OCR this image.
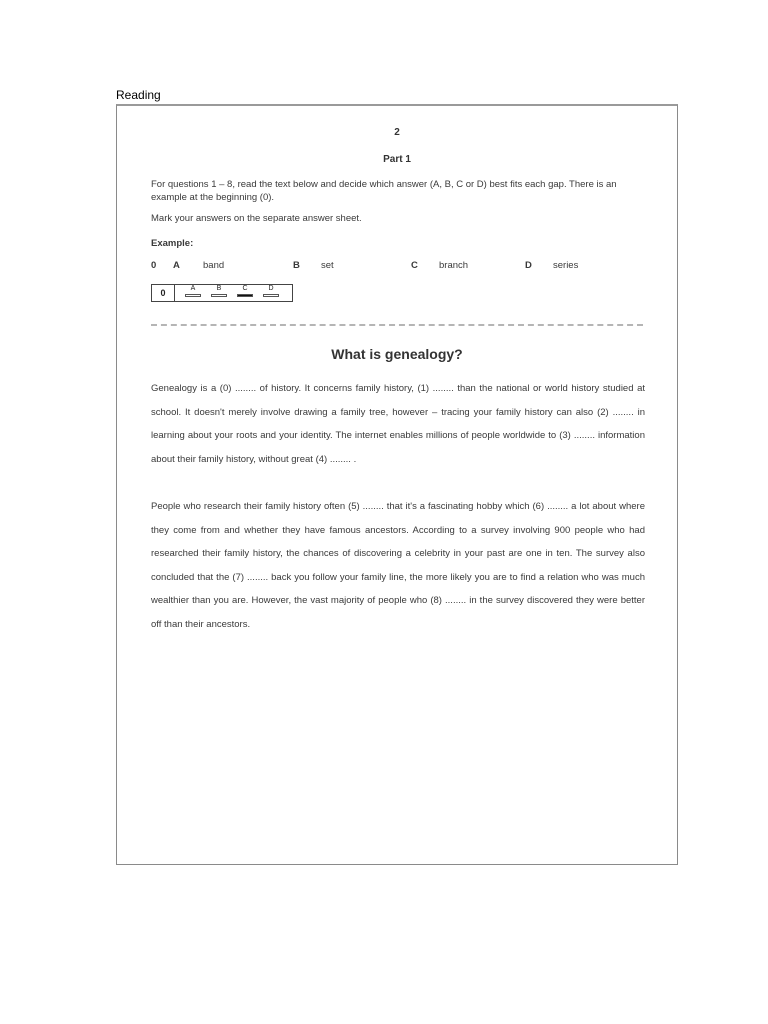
Reading
2
Part 1
For questions 1 – 8, read the text below and decide which answer (A, B, C or D) best fits each gap. There is an example at the beginning (0).
Mark your answers on the separate answer sheet.
Example:
0 A band	B set	C branch	D series
0	A	B	C	D
What is genealogy?
Genealogy is a (0) ........ of history. It concerns family history, (1) ........ than the national or world history studied at school. It doesn't merely involve drawing a family tree, however – tracing your family history can also (2) ........ in learning about your roots and your identity. The internet enables millions of people worldwide to (3) ........ information about their family history, without great (4) ........ .
People who research their family history often (5) ........ that it's a fascinating hobby which (6) ........ a lot about where they come from and whether they have famous ancestors. According to a survey involving 900 people who had researched their family history, the chances of discovering a celebrity in your past are one in ten. The survey also concluded that the (7) ........ back you follow your family line, the more likely you are to find a relation who was much wealthier than you are. However, the vast majority of people who (8) ........ in the survey discovered they were better off than their ancestors.
